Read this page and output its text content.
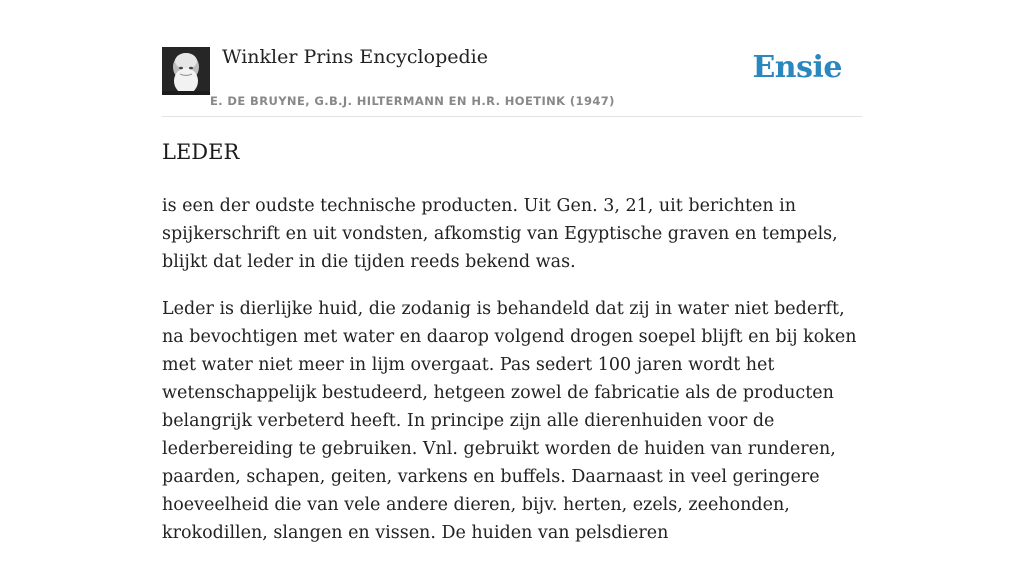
Winkler Prins Encyclopedie
E. DE BRUYNE, G.B.J. HILTERMANN EN H.R. HOETINK (1947)
Ensie
LEDER

is een der oudste technische producten. Uit Gen. 3, 21, uit berichten in spijkerschrift en uit vondsten, afkomstig van Egyptische graven en tempels, blijkt dat leder in die tijden reeds bekend was.

Leder is dierlijke huid, die zodanig is behandeld dat zij in water niet bederft, na bevochtigen met water en daarop volgend drogen soepel blijft en bij koken met water niet meer in lijm overgaat. Pas sedert 100 jaren wordt het wetenschappelijk bestudeerd, hetgeen zowel de fabricatie als de producten belangrijk verbeterd heeft. In principe zijn alle dierenhuiden voor de lederbereiding te gebruiken. Vnl. gebruikt worden de huiden van runderen, paarden, schapen, geiten, varkens en buffels. Daarnaast in veel geringere hoeveelheid die van vele andere dieren, bijv. herten, ezels, zeehonden, krokodillen, slangen en vissen. De huiden van pelsdieren
